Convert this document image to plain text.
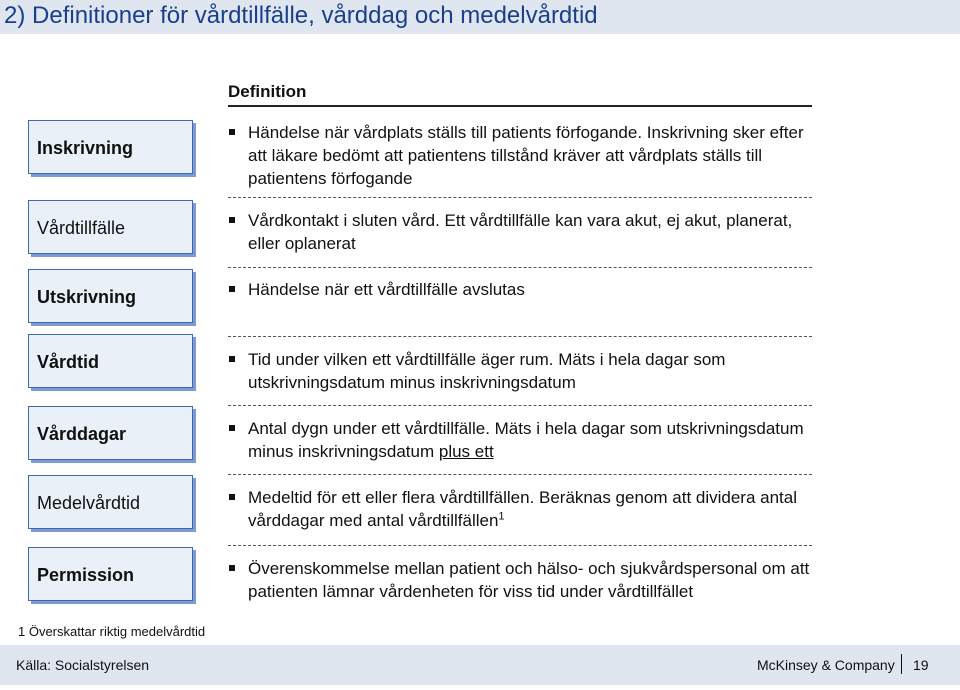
2) Definitioner för vårdtillfälle, vårddag och medelvårdtid
Definition
Inskrivning
Vårdtillfälle
Utskrivning
Vårdtid
Vårddagar
Medelvårdtid
Permission
Händelse när vårdplats ställs till patients förfogande. Inskrivning sker efter att läkare bedömt att patientens tillstånd kräver att vårdplats ställs till patientens förfogande
Vårdkontakt i sluten vård. Ett vårdtillfälle kan vara akut, ej akut, planerat, eller oplanerat
Händelse när ett vårdtillfälle avslutas
Tid under vilken ett vårdtillfälle äger rum. Mäts i hela dagar som utskrivningsdatum minus inskrivningsdatum
Antal dygn under ett vårdtillfälle. Mäts i hela dagar som utskrivningsdatum minus inskrivningsdatum plus ett
Medeltid för ett eller flera vårdtillfällen. Beräknas genom att dividera antal vårddagar med antal vårdtillfällen$^1$
Överenskommelse mellan patient och hälso- och sjukvårdspersonal om att patienten lämnar vårdenheten för viss tid under vårdtillfället
1 Överskattar riktig medelvårdtid
Källa: Socialstyrelsen	McKinsey & Company 19
